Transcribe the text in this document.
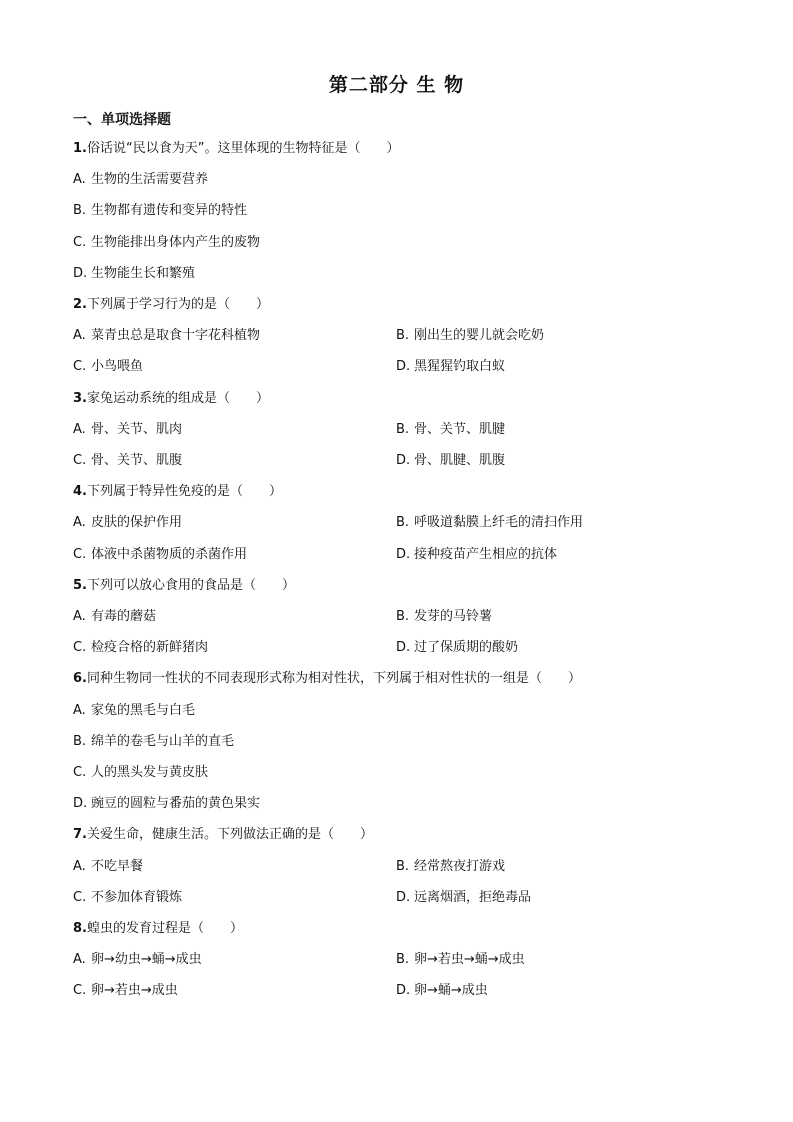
第二部分 生 物
一、单项选择题
1.俗话说“民以食为天”。这里体现的生物特征是（　　）
A. 生物的生活需要营养
B. 生物都有遗传和变异的特性
C. 生物能排出身体内产生的废物
D. 生物能生长和繁殖
2.下列属于学习行为的是（　　）
A. 菜青虫总是取食十字花科植物	B. 刚出生的婴儿就会吃奶
C. 小鸟喂鱼	D. 黑猩猩钓取白蚁
3.家兔运动系统的组成是（　　）
A. 骨、关节、肌肉	B. 骨、关节、肌腱
C. 骨、关节、肌腹	D. 骨、肌腱、肌腹
4.下列属于特异性免疫的是（　　）
A. 皮肤的保护作用	B. 呼吸道黏膜上纤毛的清扫作用
C. 体液中杀菌物质的杀菌作用	D. 接种疫苗产生相应的抗体
5.下列可以放心食用的食品是（　　）
A. 有毒的蘑菇	B. 发芽的马铃薯
C. 检疫合格的新鲜猪肉	D. 过了保质期的酸奶
6.同种生物同一性状的不同表现形式称为相对性状，下列属于相对性状的一组是（　　）
A. 家兔的黑毛与白毛
B. 绵羊的卷毛与山羊的直毛
C. 人的黑头发与黄皮肤
D. 豌豆的圆粒与番茄的黄色果实
7.关爱生命，健康生活。下列做法正确的是（　　）
A. 不吃早餐	B. 经常熬夜打游戏
C. 不参加体育锻炼	D. 远离烟酒，拒绝毒品
8.蝗虫的发育过程是（　　）
A. 卵→幼虫→蛹→成虫	B. 卵→若虫→蛹→成虫
C. 卵→若虫→成虫	D. 卵→蛹→成虫
